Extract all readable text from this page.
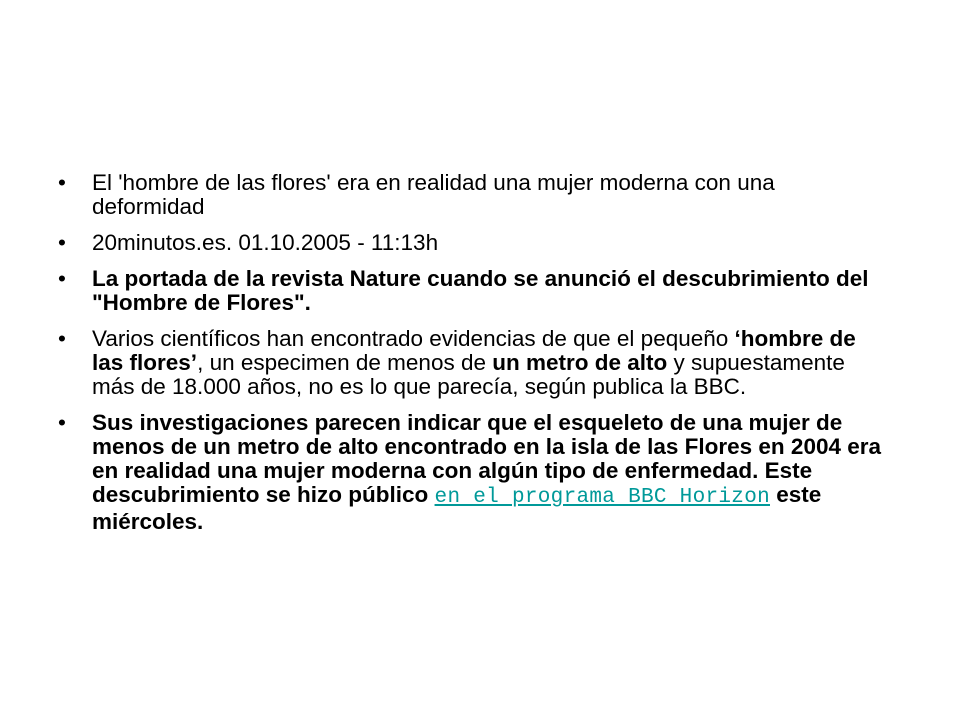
•	El 'hombre de las flores' era en realidad una mujer moderna con una deformidad
•	20minutos.es. 01.10.2005 - 11:13h
•	La portada de la revista Nature cuando se anunció el descubrimiento del "Hombre de Flores".
•	Varios científicos han encontrado evidencias de que el pequeño ‘hombre de las flores’, un especimen de menos de un metro de alto y supuestamente más de 18.000 años, no es lo que parecía, según publica la BBC.
•	Sus investigaciones parecen indicar que el esqueleto de una mujer de menos de un metro de alto encontrado en la isla de las Flores en 2004 era en realidad una mujer moderna con algún tipo de enfermedad. Este descubrimiento se hizo público en el programa BBC Horizon este miércoles.
